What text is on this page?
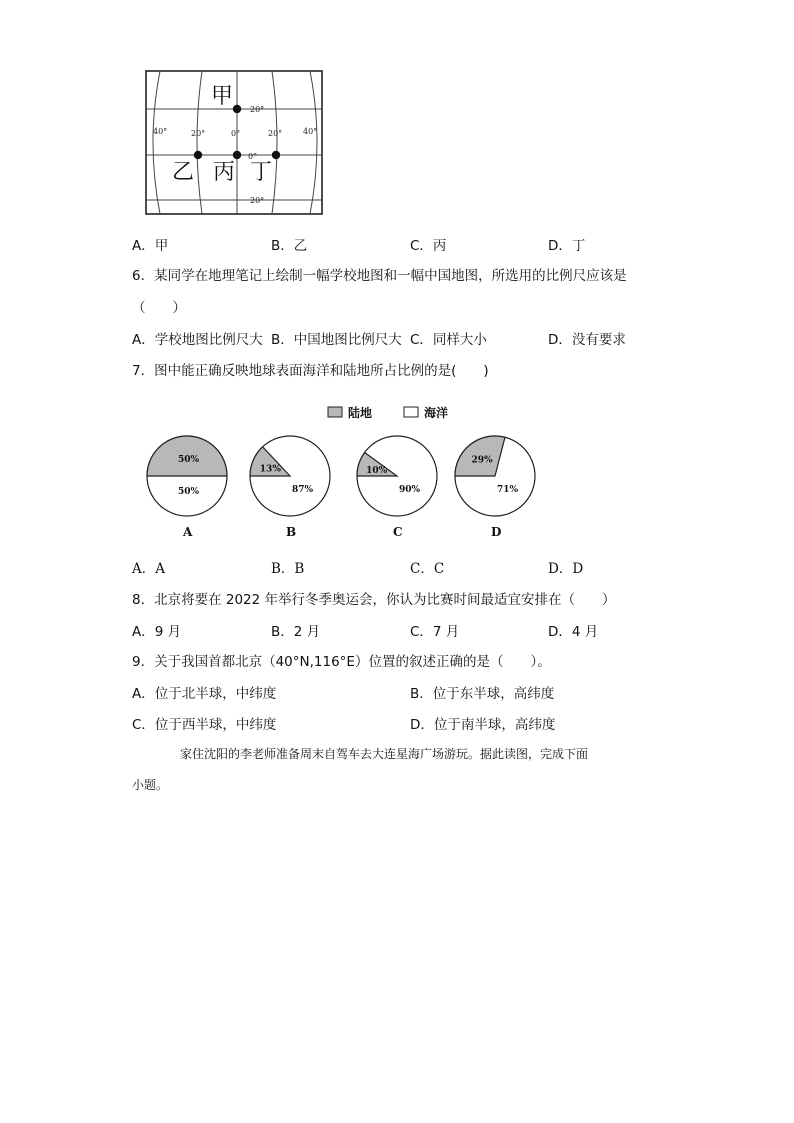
20°
0°
20°
40°	20°	0°	20°	40°
甲
乙 丙 丁
A．甲	B．乙	C．丙	D．丁
6．某同学在地理笔记上绘制一幅学校地图和一幅中国地图，所选用的比例尺应该是
（　　）
A．学校地图比例尺大 B．中国地图比例尺大 C．同样大小	D．没有要求
7．图中能正确反映地球表面海洋和陆地所占比例的是(　　)
陆地	海洋
50%
50%
A
13%
87%
B
10%
90%
C
29%
71%
D
A．A	B．B	C．C	D．D
8．北京将要在 2022 年举行冬季奥运会，你认为比赛时间最适宜安排在（　　）
A．9 月	B．2 月	C．7 月	D．4 月
9．关于我国首都北京（40°N,116°E）位置的叙述正确的是（　　）。
A．位于北半球，中纬度	B．位于东半球，高纬度
C．位于西半球，中纬度	D．位于南半球，高纬度
家住沈阳的李老师准备周末自驾车去大连星海广场游玩。据此读图，完成下面
小题。
